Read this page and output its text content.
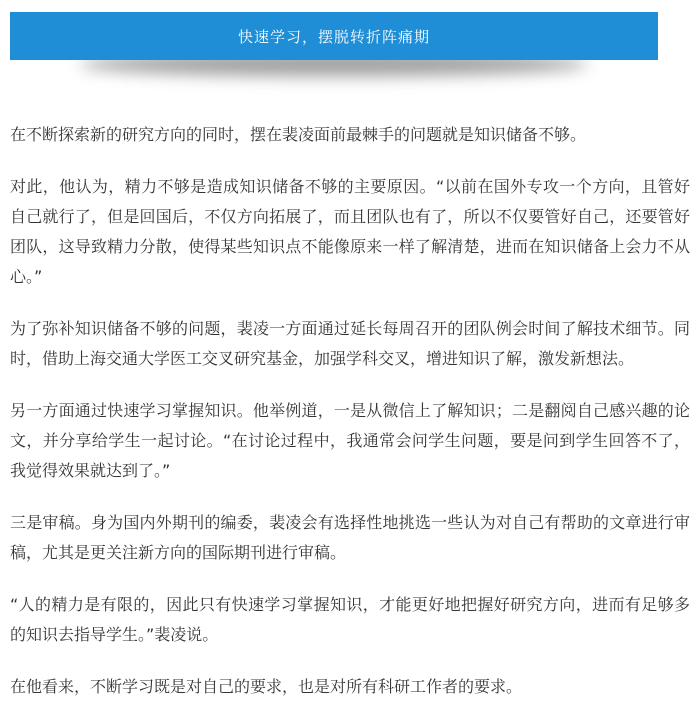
快速学习，摆脱转折阵痛期

在不断探索新的研究方向的同时，摆在裴凌面前最棘手的问题就是知识储备不够。

对此，他认为，精力不够是造成知识储备不够的主要原因。“以前在国外专攻一个方向，且管好自己就行了，但是回国后，不仅方向拓展了，而且团队也有了，所以不仅要管好自己，还要管好团队，这导致精力分散，使得某些知识点不能像原来一样了解清楚，进而在知识储备上会力不从心。”

为了弥补知识储备不够的问题，裴凌一方面通过延长每周召开的团队例会时间了解技术细节。同时，借助上海交通大学医工交叉研究基金，加强学科交叉，增进知识了解，激发新想法。

另一方面通过快速学习掌握知识。他举例道，一是从微信上了解知识；二是翻阅自己感兴趣的论文，并分享给学生一起讨论。“在讨论过程中，我通常会问学生问题，要是问到学生回答不了，我觉得效果就达到了。”

三是审稿。身为国内外期刊的编委，裴凌会有选择性地挑选一些认为对自己有帮助的文章进行审稿，尤其是更关注新方向的国际期刊进行审稿。

“人的精力是有限的，因此只有快速学习掌握知识，才能更好地把握好研究方向，进而有足够多的知识去指导学生。”裴凌说。

在他看来，不断学习既是对自己的要求，也是对所有科研工作者的要求。
